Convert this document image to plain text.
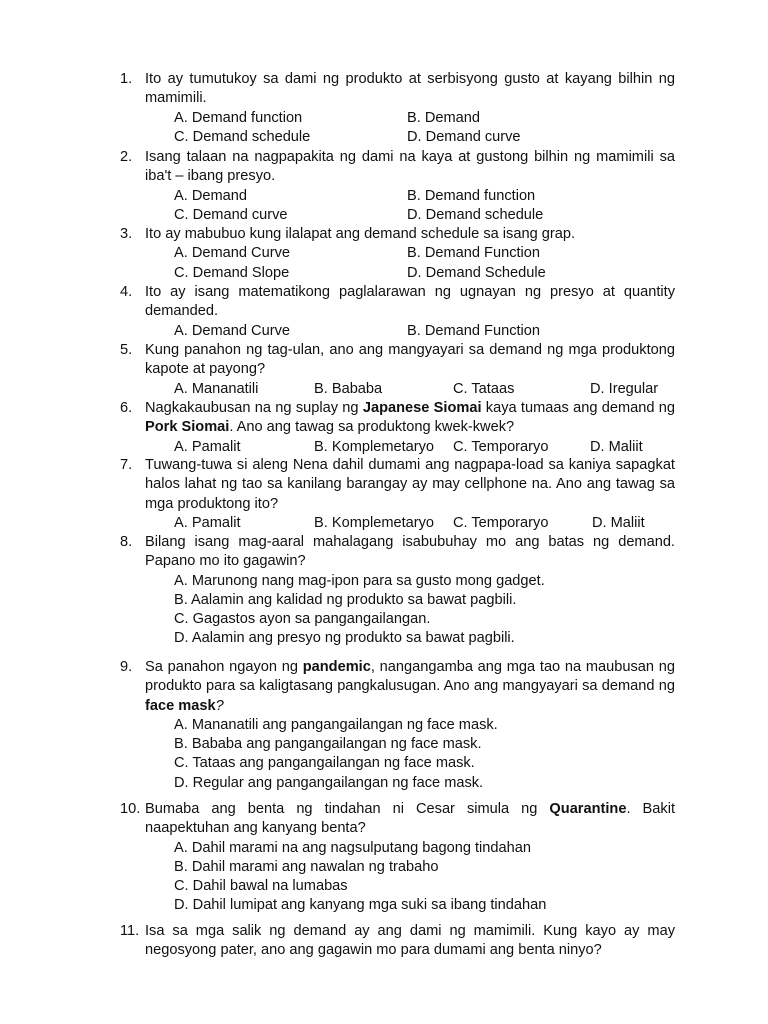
1. Ito ay tumutukoy sa dami ng produkto at serbisyong gusto at kayang bilhin ng mamimili.
A. Demand function	B. Demand
C. Demand schedule	D. Demand curve
2. Isang talaan na nagpapakita ng dami na kaya at gustong bilhin ng mamimili sa iba't – ibang presyo.
A. Demand	B. Demand function
C. Demand curve	D. Demand schedule
3. Ito ay mabubuo kung ilalapat ang demand schedule sa isang grap.
A. Demand Curve	B. Demand Function
C. Demand Slope	D. Demand Schedule
4. Ito ay isang matematikong paglalarawan ng ugnayan ng presyo at quantity demanded.
A. Demand Curve	B. Demand Function
5. Kung panahon ng tag-ulan, ano ang mangyayari sa demand ng mga produktong kapote at payong?
A. Mananatili	B. Bababa	C. Tataas	D. Iregular
6. Nagkakaubusan na ng suplay ng Japanese Siomai kaya tumaas ang demand ng Pork Siomai. Ano ang tawag sa produktong kwek-kwek?
A. Pamalit	B. Komplemetaryo C. Temporaryo	D. Maliit
7. Tuwang-tuwa si aleng Nena dahil dumami ang nagpapa-load sa kaniya sapagkat halos lahat ng tao sa kanilang barangay ay may cellphone na. Ano ang tawag sa mga produktong ito?
A. Pamalit	B. Komplemetaryo C. Temporaryo	D. Maliit
8. Bilang isang mag-aaral mahalagang isabubuhay mo ang batas ng demand. Papano mo ito gagawin?
A. Marunong nang mag-ipon para sa gusto mong gadget.
B. Aalamin ang kalidad ng produkto sa bawat pagbili.
C. Gagastos ayon sa pangangailangan.
D. Aalamin ang presyo ng produkto sa bawat pagbili.
9. Sa panahon ngayon ng pandemic, nangangamba ang mga tao na maubusan ng produkto para sa kaligtasang pangkalusugan. Ano ang mangyayari sa demand ng face mask?
A. Mananatili ang pangangailangan ng face mask.
B. Bababa ang pangangailangan ng face mask.
C. Tataas ang pangangailangan ng face mask.
D. Regular ang pangangailangan ng face mask.
10. Bumaba ang benta ng tindahan ni Cesar simula ng Quarantine. Bakit naapektuhan ang kanyang benta?
A. Dahil marami na ang nagsulputang bagong tindahan
B. Dahil marami ang nawalan ng trabaho
C. Dahil bawal na lumabas
D. Dahil lumipat ang kanyang mga suki sa ibang tindahan
11. Isa sa mga salik ng demand ay ang dami ng mamimili. Kung kayo ay may negosyong pater, ano ang gagawin mo para dumami ang benta ninyo?
